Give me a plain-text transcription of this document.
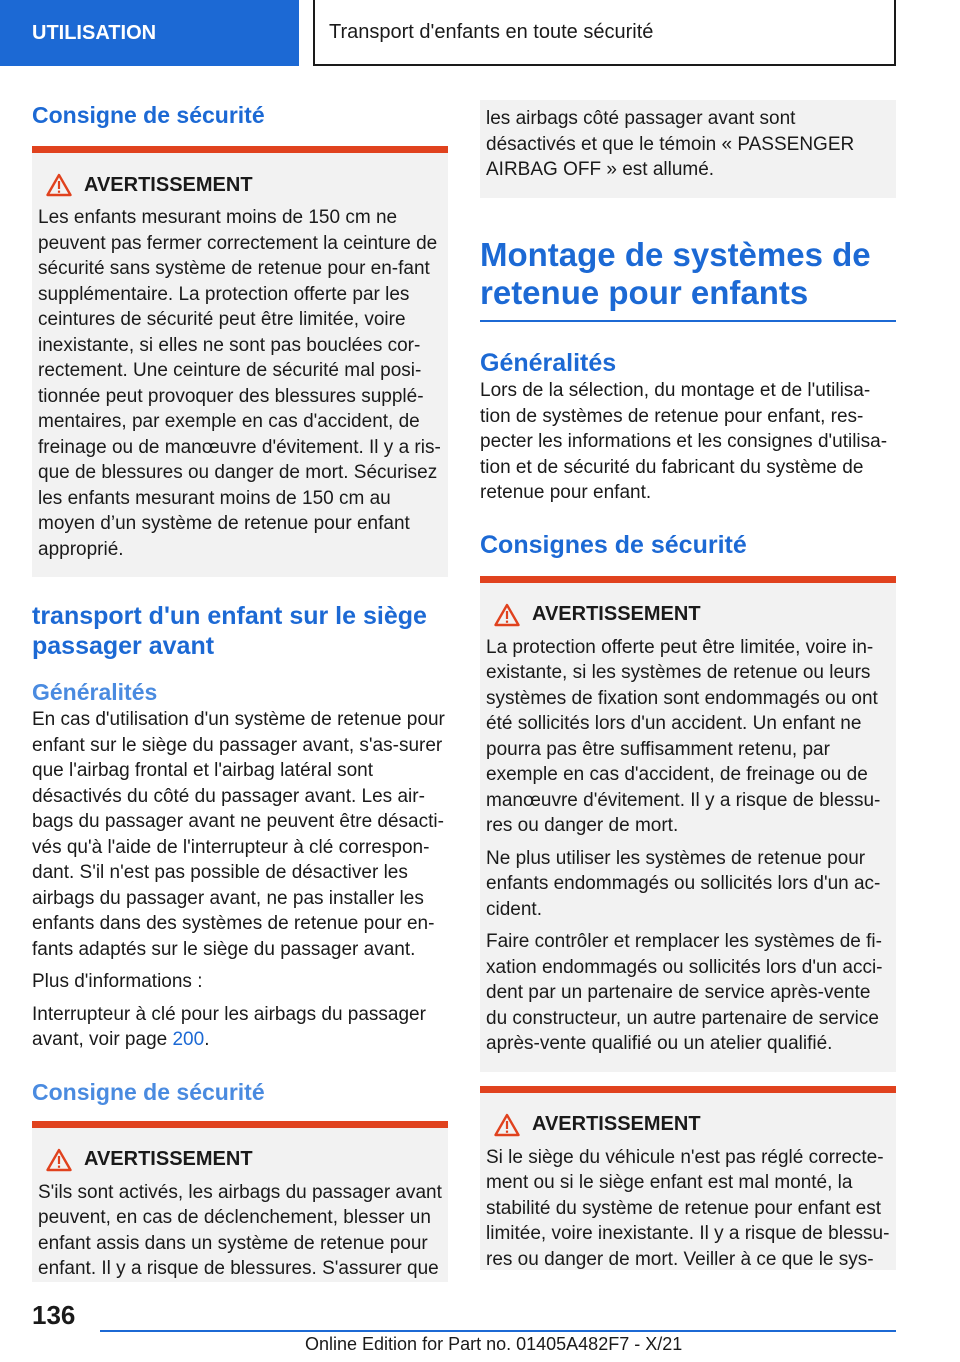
UTILISATION	Transport d'enfants en toute sécurité
Consigne de sécurité
AVERTISSEMENT

Les enfants mesurant moins de 150 cm ne peuvent pas fermer correctement la ceinture de sécurité sans système de retenue pour en-fant supplémentaire. La protection offerte par les ceintures de sécurité peut être limitée, voire inexistante, si elles ne sont pas bouclées cor-rectement. Une ceinture de sécurité mal posi-tionnée peut provoquer des blessures supplé-mentaires, par exemple en cas d'accident, de freinage ou de manœuvre d'évitement. Il y a ris-que de blessures ou danger de mort. Sécurisez les enfants mesurant moins de 150 cm au moyen d’un système de retenue pour enfant approprié.

transport d'un enfant sur le siège passager avant
Généralités

En cas d'utilisation d'un système de retenue pour enfant sur le siège du passager avant, s'as-surer que l'airbag frontal et l'airbag latéral sont désactivés du côté du passager avant. Les air-bags du passager avant ne peuvent être désacti-vés qu'à l'aide de l'interrupteur à clé correspon-dant. S'il n'est pas possible de désactiver les airbags du passager avant, ne pas installer les enfants dans des systèmes de retenue pour en-fants adaptés sur le siège du passager avant.

Plus d'informations :

Interrupteur à clé pour les airbags du passager avant, voir page 200.

Consigne de sécurité
AVERTISSEMENT

S'ils sont activés, les airbags du passager avant peuvent, en cas de déclenchement, blesser un enfant assis dans un système de retenue pour enfant. Il y a risque de blessures. S'assurer que

les airbags côté passager avant sont désactivés et que le témoin « PASSENGER AIRBAG OFF » est allumé.

Montage de systèmes de retenue pour enfants
Généralités

Lors de la sélection, du montage et de l'utilisa-tion de systèmes de retenue pour enfant, res-pecter les informations et les consignes d'utilisa-tion et de sécurité du fabricant du système de retenue pour enfant.

Consignes de sécurité
AVERTISSEMENT

La protection offerte peut être limitée, voire in-existante, si les systèmes de retenue ou leurs systèmes de fixation sont endommagés ou ont été sollicités lors d'un accident. Un enfant ne pourra pas être suffisamment retenu, par exemple en cas d'accident, de freinage ou de manœuvre d'évitement. Il y a risque de blessu-res ou danger de mort.

Ne plus utiliser les systèmes de retenue pour enfants endommagés ou sollicités lors d'un ac-cident.

Faire contrôler et remplacer les systèmes de fi-xation endommagés ou sollicités lors d'un acci-dent par un partenaire de service après-vente du constructeur, un autre partenaire de service après-vente qualifié ou un atelier qualifié.

AVERTISSEMENT

Si le siège du véhicule n'est pas réglé correcte-ment ou si le siège enfant est mal monté, la stabilité du système de retenue pour enfant est limitée, voire inexistante. Il y a risque de blessu-res ou danger de mort. Veiller à ce que le sys-

136
Online Edition for Part no. 01405A482F7 - X/21
